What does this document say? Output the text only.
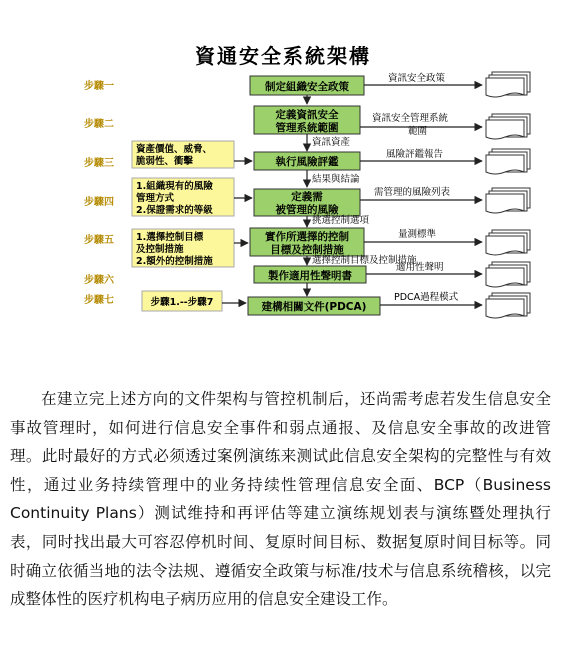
資通安全系統架構
步驟一
步驟二
步驟三
步驟四
步驟五
步驟六
步驟七
制定組織安全政策
定義資訊安全
管理系統範圍
執行風險評鑑
定義需
被管理的風險
實作所選擇的控制
目標及控制措施
製作適用性聲明書
建構相關文件(PDCA)
資產價值、威脅、
脆弱性、衝擊
1.組織現有的風險
管理方式
2.保證需求的等級
1.選擇控制目標
及控制措施
2.額外的控制措施
步驟1.--步驟7
資訊資產
結果與結論
挑選控制選項
選擇控制目標及控制措施
資訊安全政策
資訊安全管理系統
範圍
風險評鑑報告
需管理的風險列表
量測標準
適用性聲明
PDCA過程模式

在建立完上述方向的文件架构与管控机制后，还尚需考虑若发生信息安全事故管理时，如何进行信息安全事件和弱点通报、及信息安全事故的改进管理。此时最好的方式必须透过案例演练来测试此信息安全架构的完整性与有效性，通过业务持续管理中的业务持续性管理信息安全面、BCP（Business Continuity Plans）测试维持和再评估等建立演练规划表与演练暨处理执行表，同时找出最大可容忍停机时间、复原时间目标、数据复原时间目标等。同时确立依循当地的法令法规、遵循安全政策与标准/技术与信息系统稽核，以完成整体性的医疗机构电子病历应用的信息安全建设工作。
